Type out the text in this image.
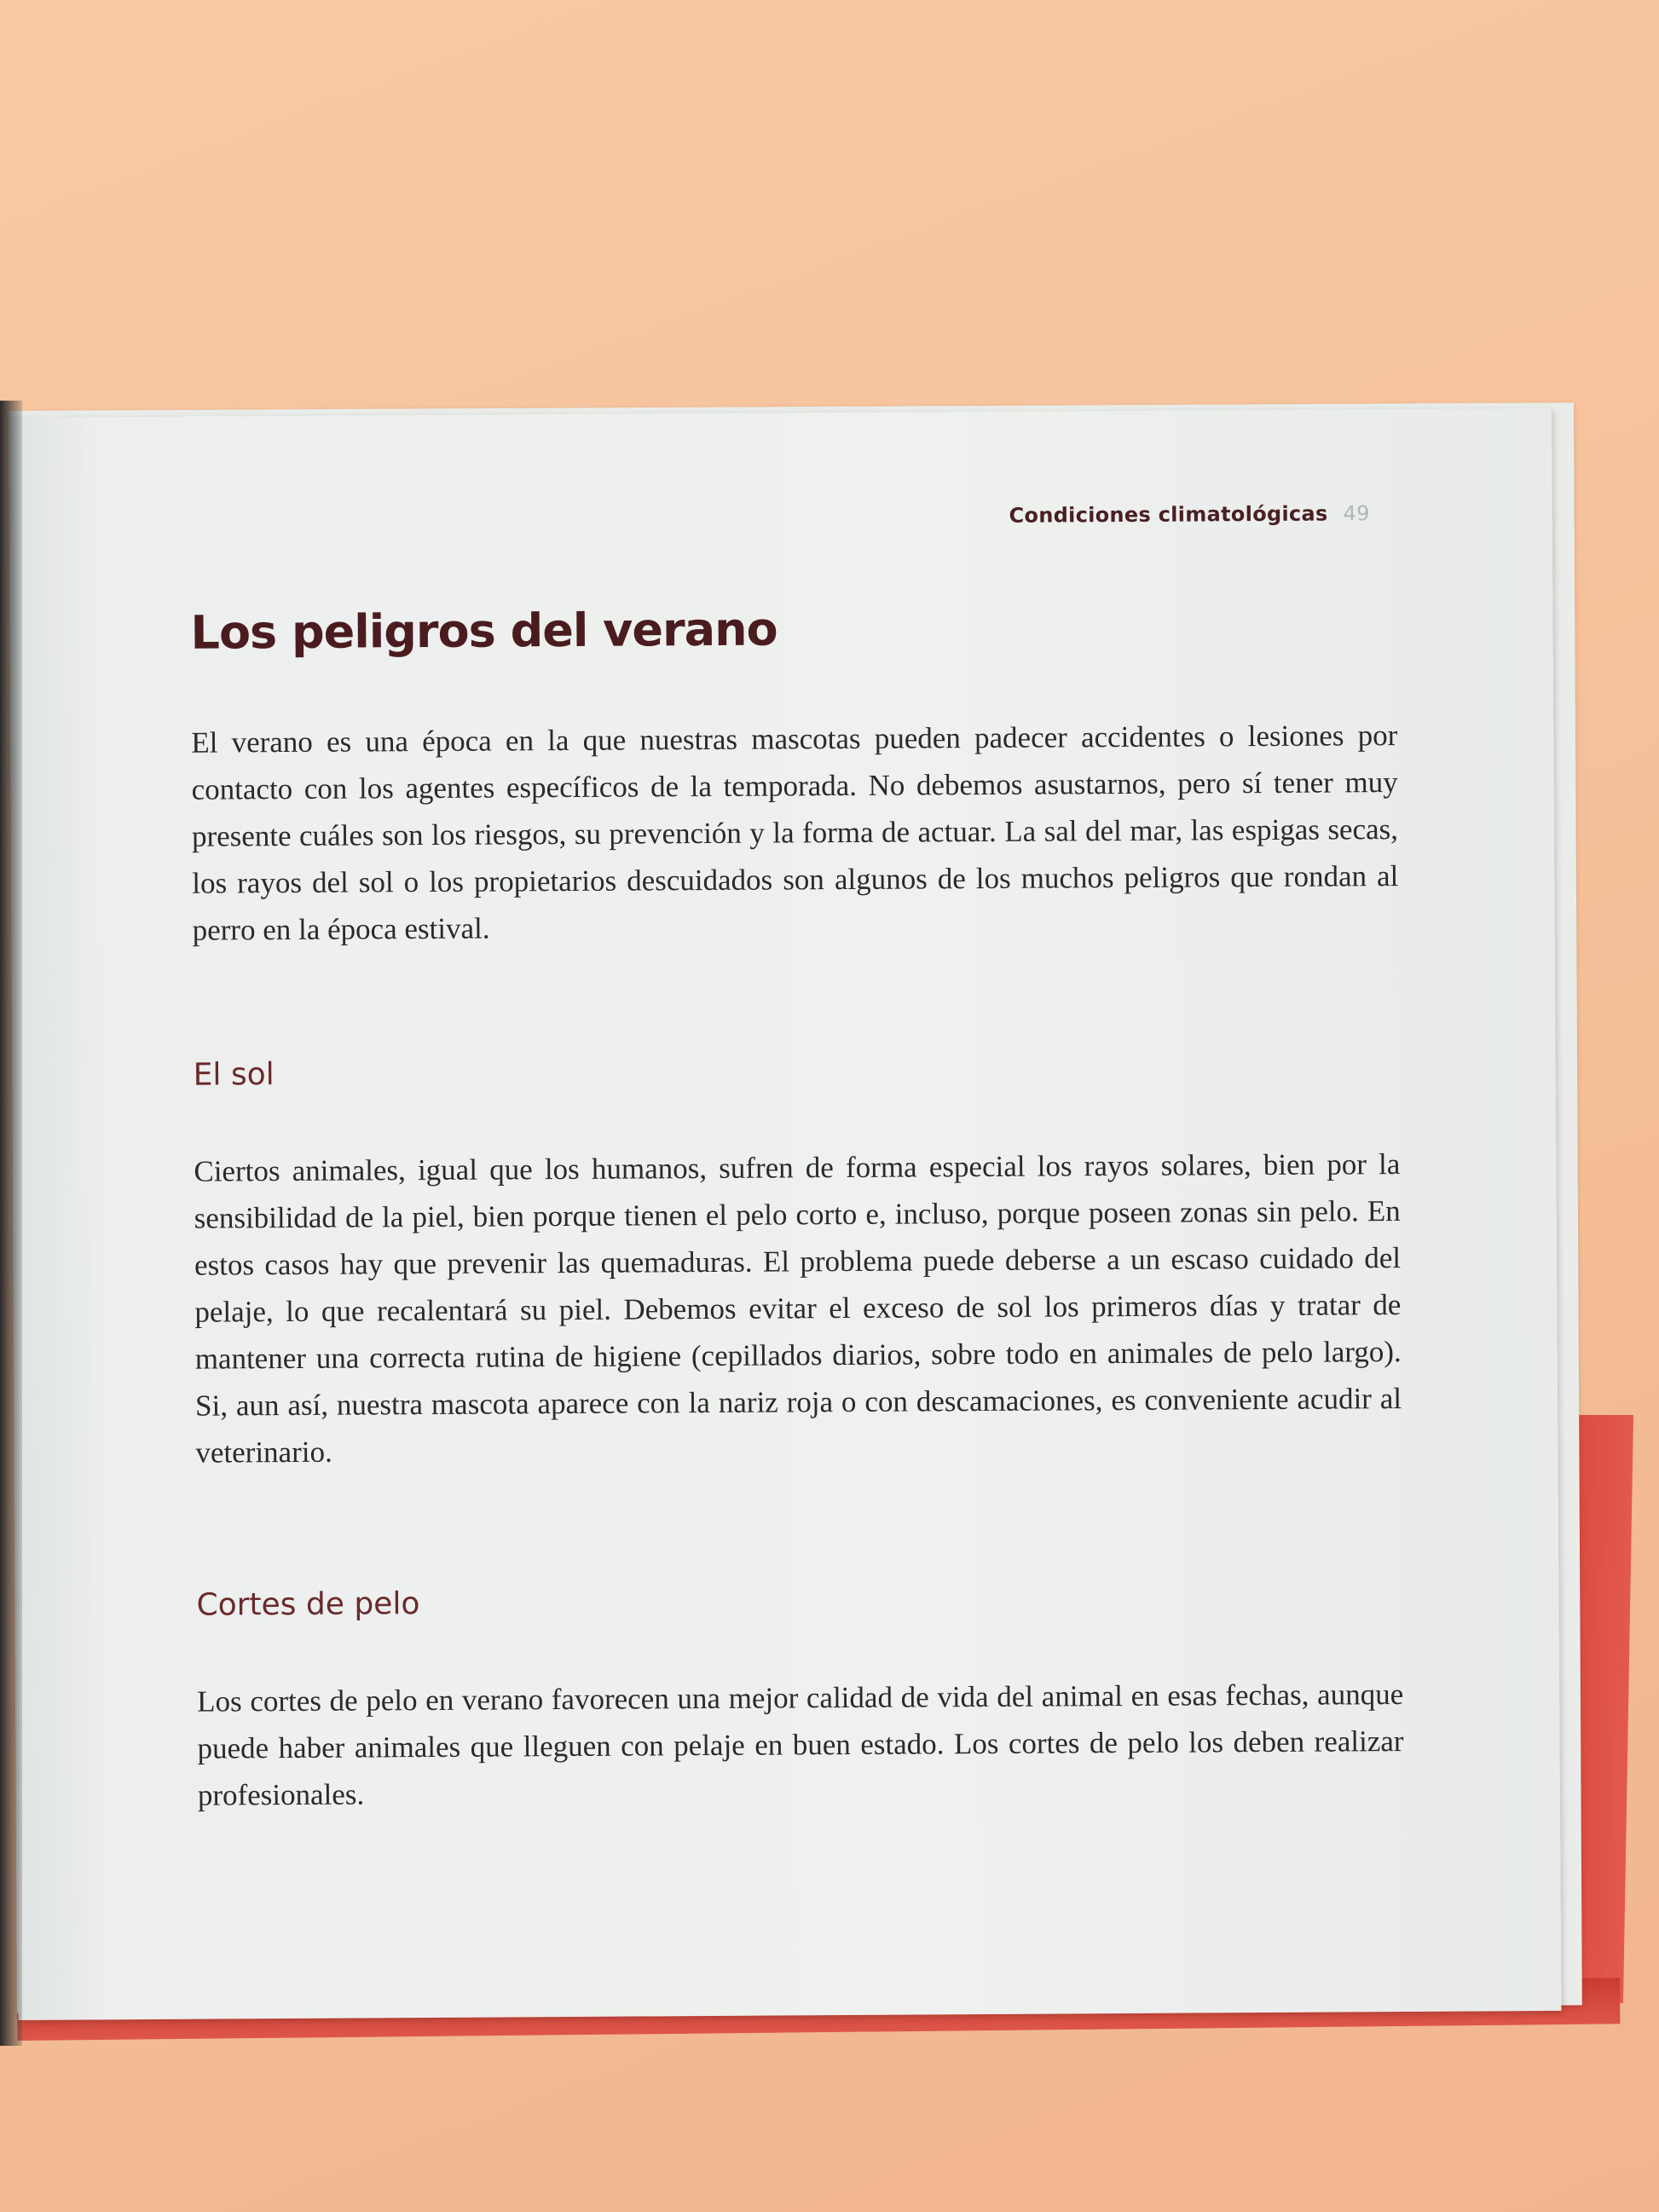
Condiciones climatológicas 49
Los peligros del verano

El verano es una época en la que nuestras mascotas pueden padecer accidentes o lesiones por contacto con los agentes específicos de la temporada. No debemos asustarnos, pero sí tener muy presente cuáles son los riesgos, su prevención y la forma de actuar. La sal del mar, las espigas secas, los rayos del sol o los propietarios descuidados son algunos de los muchos peligros que rondan al perro en la época estival.

El sol

Ciertos animales, igual que los humanos, sufren de forma especial los rayos solares, bien por la sensibilidad de la piel, bien porque tienen el pelo corto e, incluso, porque poseen zonas sin pelo. En estos casos hay que prevenir las quemaduras. El problema puede deberse a un escaso cuidado del pelaje, lo que recalentará su piel. Debemos evitar el exceso de sol los primeros días y tratar de mantener una correcta rutina de higiene (cepillados diarios, sobre todo en animales de pelo largo). Si, aun así, nuestra mascota aparece con la nariz roja o con descamaciones, es conveniente acudir al veterinario.

Cortes de pelo

Los cortes de pelo en verano favorecen una mejor calidad de vida del animal en esas fechas, aunque puede haber animales que lleguen con pelaje en buen estado. Los cortes de pelo los deben realizar profesionales.
